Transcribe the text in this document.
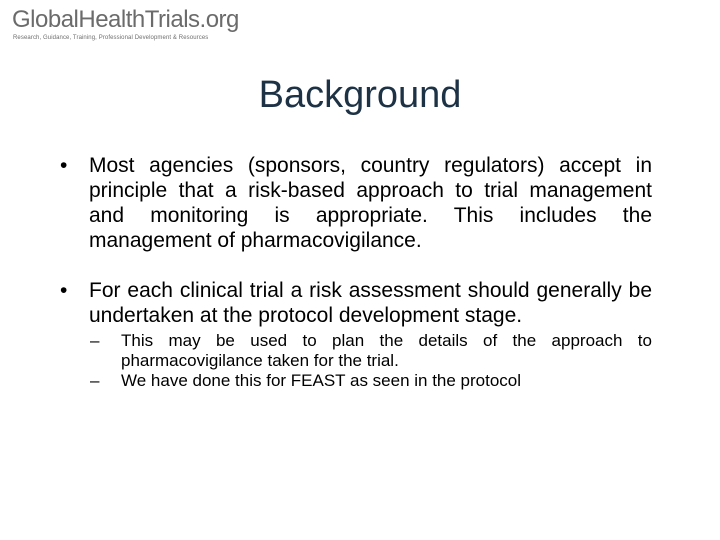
GlobalHealthTrials.org
Research, Guidance, Training, Professional Development & Resources
Background
• Most agencies (sponsors, country regulators) accept in principle that a risk-based approach to trial management and monitoring is appropriate. This includes the management of pharmacovigilance.
• For each clinical trial a risk assessment should generally be undertaken at the protocol development stage.
– This may be used to plan the details of the approach to pharmacovigilance taken for the trial.
– We have done this for FEAST as seen in the protocol
